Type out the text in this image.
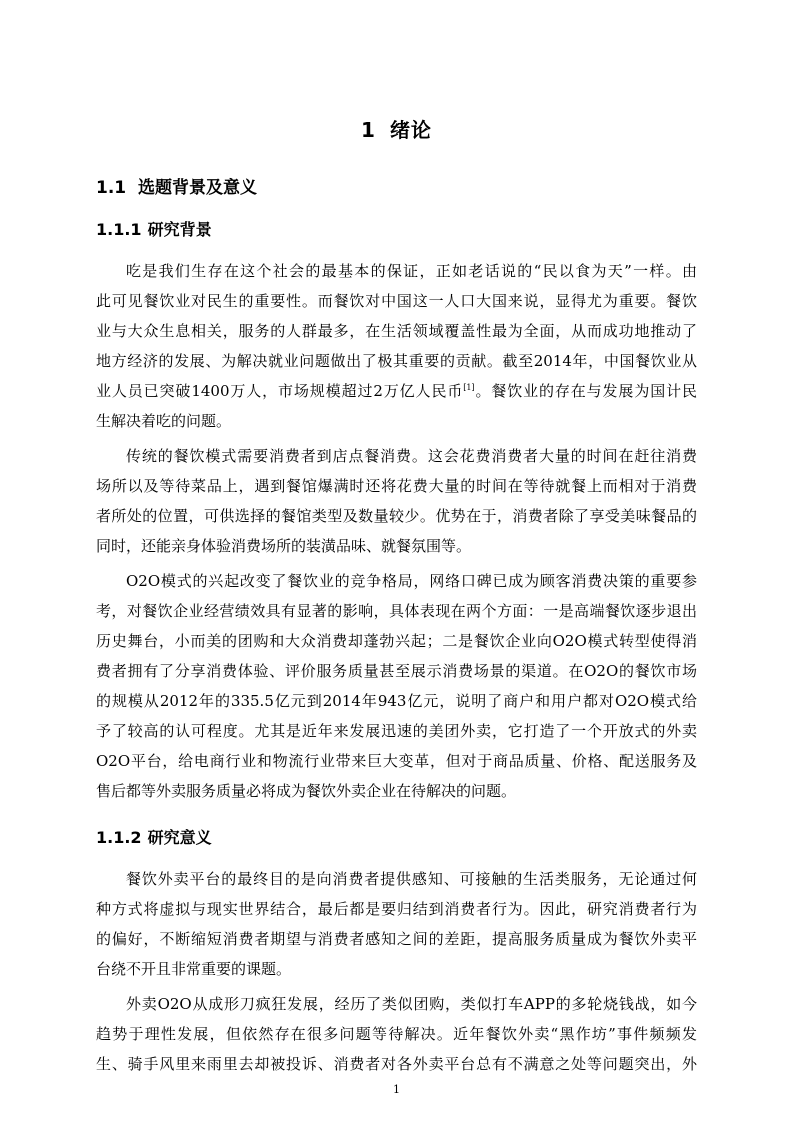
1 绪论
1.1 选题背景及意义
1.1.1 研究背景
吃是我们生存在这个社会的最基本的保证，正如老话说的“民以食为天”一样。由
此可见餐饮业对民生的重要性。而餐饮对中国这一人口大国来说，显得尤为重要。餐饮
业与大众生息相关，服务的人群最多，在生活领域覆盖性最为全面，从而成功地推动了
地方经济的发展、为解决就业问题做出了极其重要的贡献。截至2014年，中国餐饮业从
业人员已突破1400万人，市场规模超过2万亿人民币[1]。餐饮业的存在与发展为国计民
生解决着吃的问题。
传统的餐饮模式需要消费者到店点餐消费。这会花费消费者大量的时间在赶往消费
场所以及等待菜品上，遇到餐馆爆满时还将花费大量的时间在等待就餐上而相对于消费
者所处的位置，可供选择的餐馆类型及数量较少。优势在于，消费者除了享受美味餐品的
同时，还能亲身体验消费场所的装潢品味、就餐氛围等。
O2O模式的兴起改变了餐饮业的竞争格局，网络口碑已成为顾客消费决策的重要参
考，对餐饮企业经营绩效具有显著的影响，具体表现在两个方面：一是高端餐饮逐步退出
历史舞台，小而美的团购和大众消费却蓬勃兴起；二是餐饮企业向O2O模式转型使得消
费者拥有了分享消费体验、评价服务质量甚至展示消费场景的渠道。在O2O的餐饮市场
的规模从2012年的335.5亿元到2014年943亿元，说明了商户和用户都对O2O模式给
予了较高的认可程度。尤其是近年来发展迅速的美团外卖，它打造了一个开放式的外卖
O2O平台，给电商行业和物流行业带来巨大变革，但对于商品质量、价格、配送服务及
售后都等外卖服务质量必将成为餐饮外卖企业在待解决的问题。
1.1.2 研究意义
餐饮外卖平台的最终目的是向消费者提供感知、可接触的生活类服务，无论通过何
种方式将虚拟与现实世界结合，最后都是要归结到消费者行为。因此，研究消费者行为
的偏好，不断缩短消费者期望与消费者感知之间的差距，提高服务质量成为餐饮外卖平
台绕不开且非常重要的课题。
外卖O2O从成形刀疯狂发展，经历了类似团购，类似打车APP的多轮烧钱战，如今
趋势于理性发展，但依然存在很多问题等待解决。近年餐饮外卖“黑作坊”事件频频发
生、骑手风里来雨里去却被投诉、消费者对各外卖平台总有不满意之处等问题突出，外
1
